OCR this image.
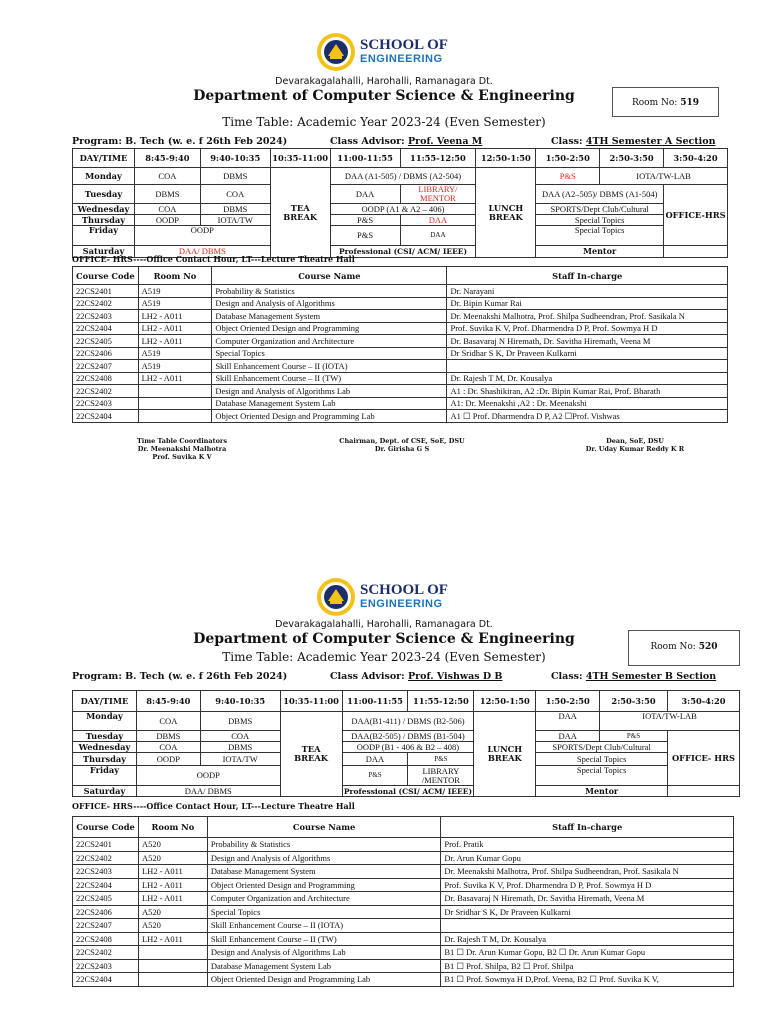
SCHOOL OF
ENGINEERING
Devarakagalahalli, Harohalli, Ramanagara Dt.
Department of Computer Science & Engineering	Room No: 519
Time Table: Academic Year 2023-24 (Even Semester)
Program: B. Tech (w. e. f 26th Feb 2024)	Class Advisor: Prof. Veena M	Class: 4TH Semester A Section
DAY/TIME	8:45-9:40	9:40-10:35	10:35-11:00	11:00-11:55	11:55-12:50	12:50-1:50	1:50-2:50	2:50-3:50	3:50-4:20
Monday	COA	DBMS	TEA BREAK	DAA (A1-505) / DBMS (A2-504)		LUNCH BREAK	P&S	IOTA/TW-LAB	
Tuesday	DBMS	COA		DAA	LIBRARY/ MENTOR		DAA (A2–505)/ DBMS (A1-504)		OFFICE-HRS
Wednesday	COA	DBMS		OODP (A1 & A2 – 406)			SPORTS/Dept Club/Cultural		
Thursday	OODP	IOTA/TW		P&S	DAA		Special Topics		
Friday	OODP			P&S	DAA		Special Topics		
Saturday	DAA/ DBMS			Professional (CSI/ ACM/ IEEE)			Mentor		
OFFICE- HRS----Office Contact Hour, LT---Lecture Theatre Hall
Course Code	Room No	Course Name	Staff In-charge
22CS2401	A519	Probability & Statistics	Dr. Narayani
22CS2402	A519	Design and Analysis of Algorithms	Dr. Bipin Kumar Rai
22CS2403	LH2 - A011	Database Management System	Dr. Meenakshi Malhotra, Prof. Shilpa Sudheendran, Prof. Sasikala N
22CS2404	LH2 - A011	Object Oriented Design and Programming	Prof. Suvika K V, Prof. Dharmendra D P, Prof. Sowmya H D
22CS2405	LH2 - A011	Computer Organization and Architecture	Dr. Basavaraj N Hiremath, Dr. Savitha Hiremath, Veena M
22CS2406	A519	Special Topics	Dr Sridhar S K, Dr Praveen Kulkarni
22CS2407	A519	Skill Enhancement Course – II (IOTA)	
22CS2408	LH2 - A011	Skill Enhancement Course – II (TW)	Dr. Rajesh T M, Dr. Kousalya
22CS2402		Design and Analysis of Algorithms Lab	A1 : Dr. Shashikiran, A2 :Dr. Bipin Kumar Rai, Prof. Bharath
22CS2403		Database Management System Lab	A1: Dr. Meenakshi ,A2 : Dr. Meenakshi
22CS2404		Object Oriented Design and Programming Lab	A1 ☐ Prof. Dharmendra D P, A2 ☐Prof. Vishwas
Time Table Coordinators
Dr. Meenakshi Malhotra
Prof. Suvika K V
Chairman, Dept. of CSE, SoE, DSU
Dr. Girisha G S
Dean, SoE, DSU
Dr. Uday Kumar Reddy K R
SCHOOL OF
ENGINEERING
Devarakagalahalli, Harohalli, Ramanagara Dt.
Department of Computer Science & Engineering	Room No: 520
Time Table: Academic Year 2023-24 (Even Semester)
Program: B. Tech (w. e. f 26th Feb 2024)	Class Advisor: Prof. Vishwas D B	Class: 4TH Semester B Section
DAY/TIME	8:45-9:40	9:40-10:35	10:35-11:00	11:00-11:55	11:55-12:50	12:50-1:50	1:50-2:50	2:50-3:50	3:50-4:20
Monday	COA	DBMS	TEA BREAK	DAA(B1-411) / DBMS (B2-506)		LUNCH BREAK	DAA	IOTA/TW-LAB	
Tuesday	DBMS	COA		DAA(B2-505) / DBMS (B1-504)			DAA	P&S	OFFICE- HRS
Wednesday	COA	DBMS		OODP (B1 - 406 & B2 – 408)			SPORTS/Dept Club/Cultural		
Thursday	OODP	IOTA/TW		DAA	P&S		Special Topics		
Friday	OODP			P&S	LIBRARY /MENTOR		Special Topics		
Saturday	DAA/ DBMS			Professional (CSI/ ACM/ IEEE)			Mentor		
OFFICE- HRS----Office Contact Hour, LT---Lecture Theatre Hall
Course Code	Room No	Course Name	Staff In-charge
22CS2401	A520	Probability & Statistics	Prof. Pratik
22CS2402	A520	Design and Analysis of Algorithms	Dr. Arun Kumar Gopu
22CS2403	LH2 - A011	Database Management System	Dr. Meenakshi Malhotra, Prof. Shilpa Sudheendran, Prof. Sasikala N
22CS2404	LH2 - A011	Object Oriented Design and Programming	Prof. Suvika K V, Prof. Dharmendra D P, Prof. Sowmya H D
22CS2405	LH2 - A011	Computer Organization and Architecture	Dr. Basavaraj N Hiremath, Dr. Savitha Hiremath, Veena M
22CS2406	A520	Special Topics	Dr Sridhar S K, Dr Praveen Kulkarni
22CS2407	A520	Skill Enhancement Course – II (IOTA)	
22CS2408	LH2 - A011	Skill Enhancement Course – II (TW)	Dr. Rajesh T M, Dr. Kousalya
22CS2402		Design and Analysis of Algorithms Lab	B1 ☐ Dr. Arun Kumar Gopu, B2 ☐ Dr. Arun Kumar Gopu
22CS2403		Database Management System Lab	B1 ☐ Prof. Shilpa, B2 ☐ Prof. Shilpa
22CS2404		Object Oriented Design and Programming Lab	B1 ☐ Prof. Sowmya H D,Prof. Veena, B2 ☐ Prof. Suvika K V,
